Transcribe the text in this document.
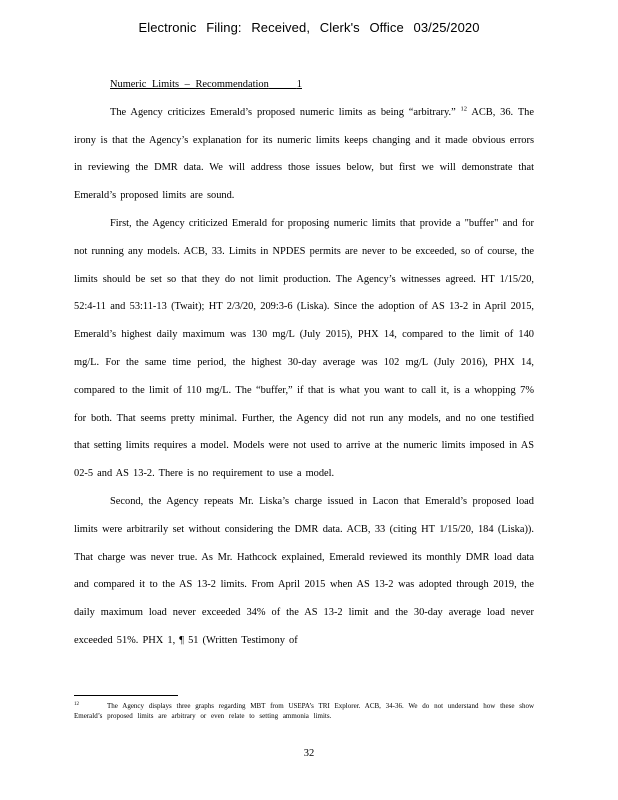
Electronic Filing: Received, Clerk's Office 03/25/2020

Numeric Limits – Recommendation	1

The Agency criticizes Emerald’s proposed numeric limits as being “arbitrary.” $^{12}$ ACB, 36. The irony is that the Agency’s explanation for its numeric limits keeps changing and it made obvious errors in reviewing the DMR data. We will address those issues below, but first we will demonstrate that Emerald’s proposed limits are sound.

First, the Agency criticized Emerald for proposing numeric limits that provide a "buffer" and for not running any models. ACB, 33. Limits in NPDES permits are never to be exceeded, so of course, the limits should be set so that they do not limit production. The Agency’s witnesses agreed. HT 1/15/20, 52:4-11 and 53:11-13 (Twait); HT 2/3/20, 209:3-6 (Liska). Since the adoption of AS 13-2 in April 2015, Emerald’s highest daily maximum was 130 mg/L (July 2015), PHX 14, compared to the limit of 140 mg/L. For the same time period, the highest 30-day average was 102 mg/L (July 2016), PHX 14, compared to the limit of 110 mg/L. The “buffer,” if that is what you want to call it, is a whopping 7% for both. That seems pretty minimal. Further, the Agency did not run any models, and no one testified that setting limits requires a model. Models were not used to arrive at the numeric limits imposed in AS 02-5 and AS 13-2. There is no requirement to use a model.

Second, the Agency repeats Mr. Liska’s charge issued in Lacon that Emerald’s proposed load limits were arbitrarily set without considering the DMR data. ACB, 33 (citing HT 1/15/20, 184 (Liska)). That charge was never true. As Mr. Hathcock explained, Emerald reviewed its monthly DMR load data and compared it to the AS 13-2 limits. From April 2015 when AS 13-2 was adopted through 2019, the daily maximum load never exceeded 34% of the AS 13-2 limit and the 30-day average load never exceeded 51%. PHX 1, ¶ 51 (Written Testimony of

$^{12}$	The Agency displays three graphs regarding MBT from USEPA’s TRI Explorer. ACB, 34-36. We do not understand how these show Emerald’s proposed limits are arbitrary or even relate to setting ammonia limits.
32
